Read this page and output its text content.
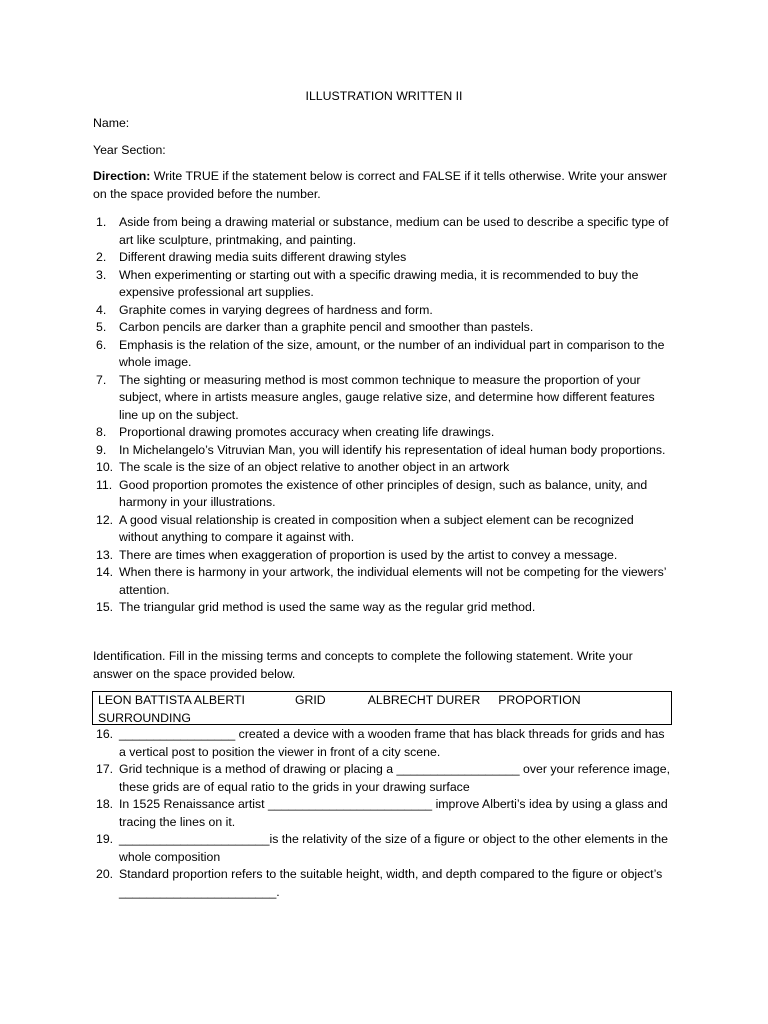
ILLUSTRATION WRITTEN II
Name:
Year Section:
Direction: Write TRUE if the statement below is correct and FALSE if it tells otherwise. Write your answer on the space provided before the number.
1. Aside from being a drawing material or substance, medium can be used to describe a specific type of art like sculpture, printmaking, and painting.
2. Different drawing media suits different drawing styles
3. When experimenting or starting out with a specific drawing media, it is recommended to buy the expensive professional art supplies.
4. Graphite comes in varying degrees of hardness and form.
5. Carbon pencils are darker than a graphite pencil and smoother than pastels.
6. Emphasis is the relation of the size, amount, or the number of an individual part in comparison to the whole image.
7. The sighting or measuring method is most common technique to measure the proportion of your subject, where in artists measure angles, gauge relative size, and determine how different features line up on the subject.
8. Proportional drawing promotes accuracy when creating life drawings.
9. In Michelangelo’s Vitruvian Man, you will identify his representation of ideal human body proportions.
10. The scale is the size of an object relative to another object in an artwork
11. Good proportion promotes the existence of other principles of design, such as balance, unity, and harmony in your illustrations.
12. A good visual relationship is created in composition when a subject element can be recognized without anything to compare it against with.
13. There are times when exaggeration of proportion is used by the artist to convey a message.
14. When there is harmony in your artwork, the individual elements will not be competing for the viewers’ attention.
15. The triangular grid method is used the same way as the regular grid method.
Identification. Fill in the missing terms and concepts to complete the following statement. Write your answer on the space provided below.
LEON BATTISTA ALBERTI	GRID	ALBRECHT DURER PROPORTION
SURROUNDING
16. _________________ created a device with a wooden frame that has black threads for grids and has a vertical post to position the viewer in front of a city scene.
17. Grid technique is a method of drawing or placing a __________________ over your reference image, these grids are of equal ratio to the grids in your drawing surface
18. In 1525 Renaissance artist ________________________ improve Alberti’s idea by using a glass and tracing the lines on it.
19. ______________________is the relativity of the size of a figure or object to the other elements in the whole composition
20. Standard proportion refers to the suitable height, width, and depth compared to the figure or object’s _______________________.
